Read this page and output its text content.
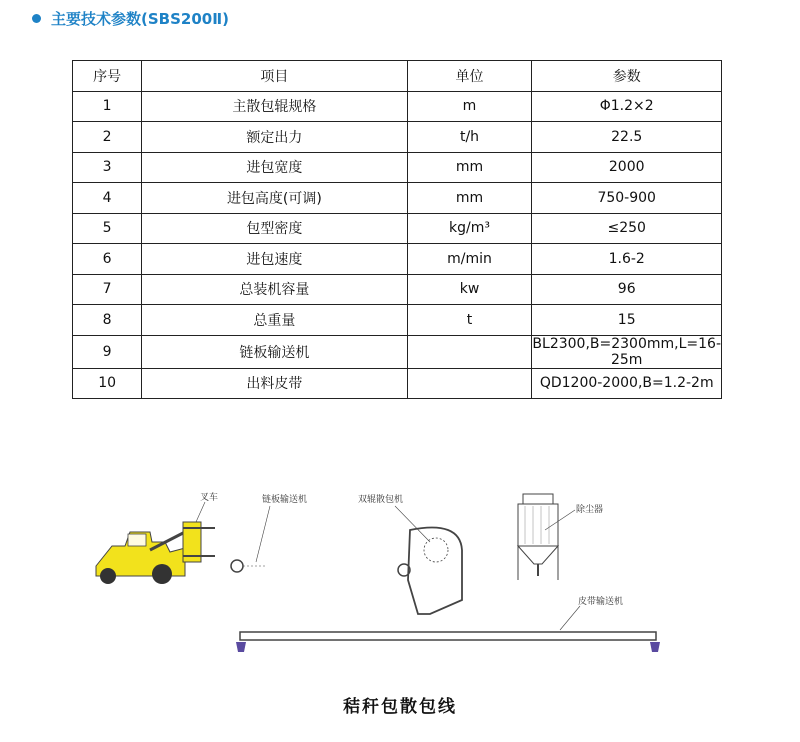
主要技术参数(SBS200Ⅱ)
序号	项目	单位	参数
1	主散包辊规格	m	Φ1.2×2
2	额定出力	t/h	22.5
3	进包宽度	mm	2000
4	进包高度(可调)	mm	750-900
5	包型密度	kg/m³	≤250
6	进包速度	m/min	1.6-2
7	总装机容量	kw	96
8	总重量	t	15
9	链板输送机		BL2300,B=2300mm,L=16-25m
10	出料皮带		QD1200-2000,B=1.2-2m
叉车	链板输送机	双辊散包机
除尘器
皮带输送机
秸秆包散包线
